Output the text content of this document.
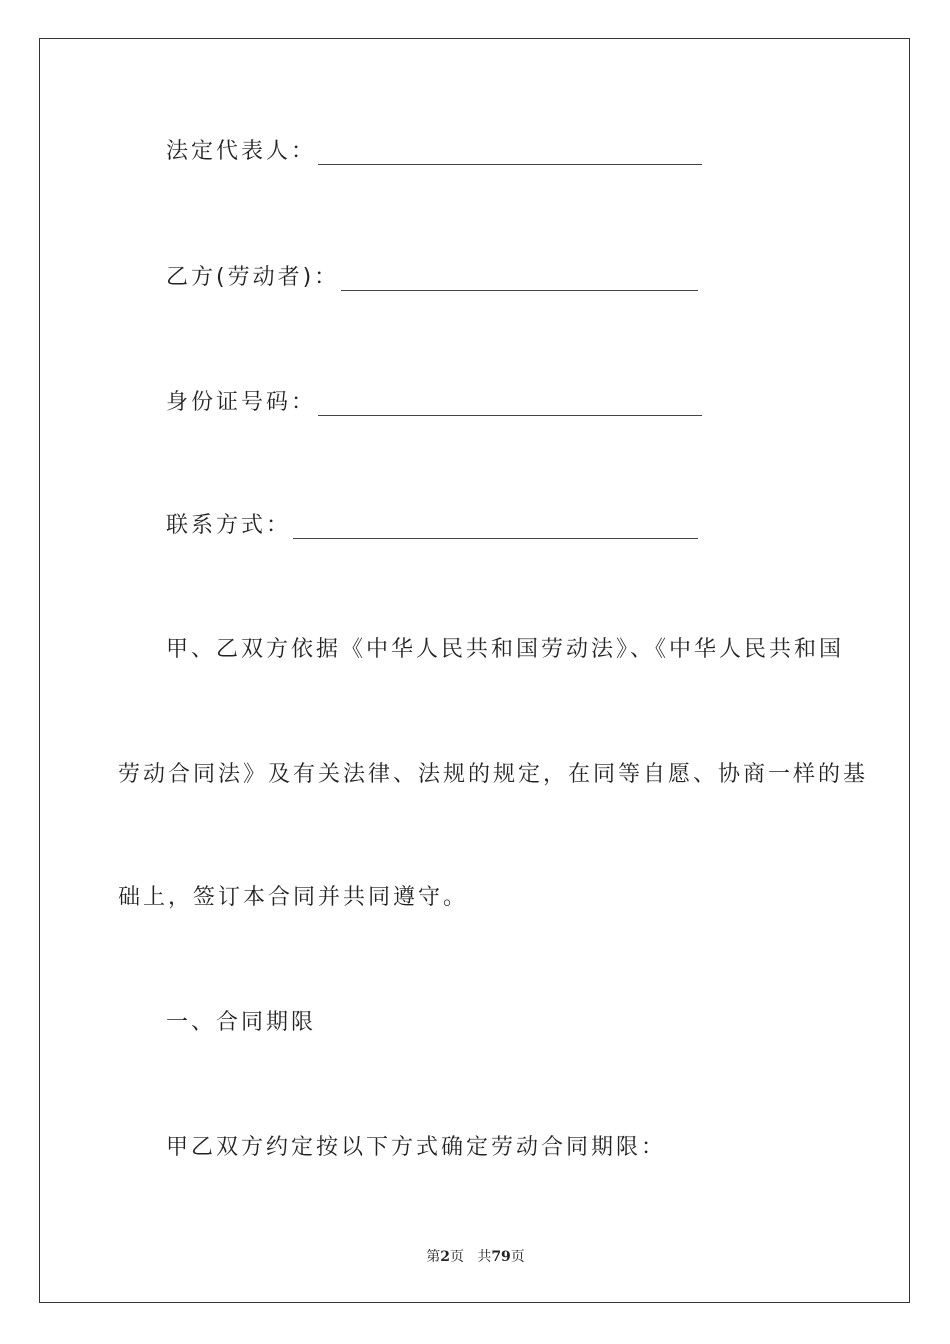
法定代表人：
乙方(劳动者)：
身份证号码：
联系方式：
甲、乙双方依据《中华人民共和国劳动法》、《中华人民共和国
劳动合同法》及有关法律、法规的规定，在同等自愿、协商一样的基
础上，签订本合同并共同遵守。
一、合同期限
甲乙双方约定按以下方式确定劳动合同期限：
第2页 共79页
